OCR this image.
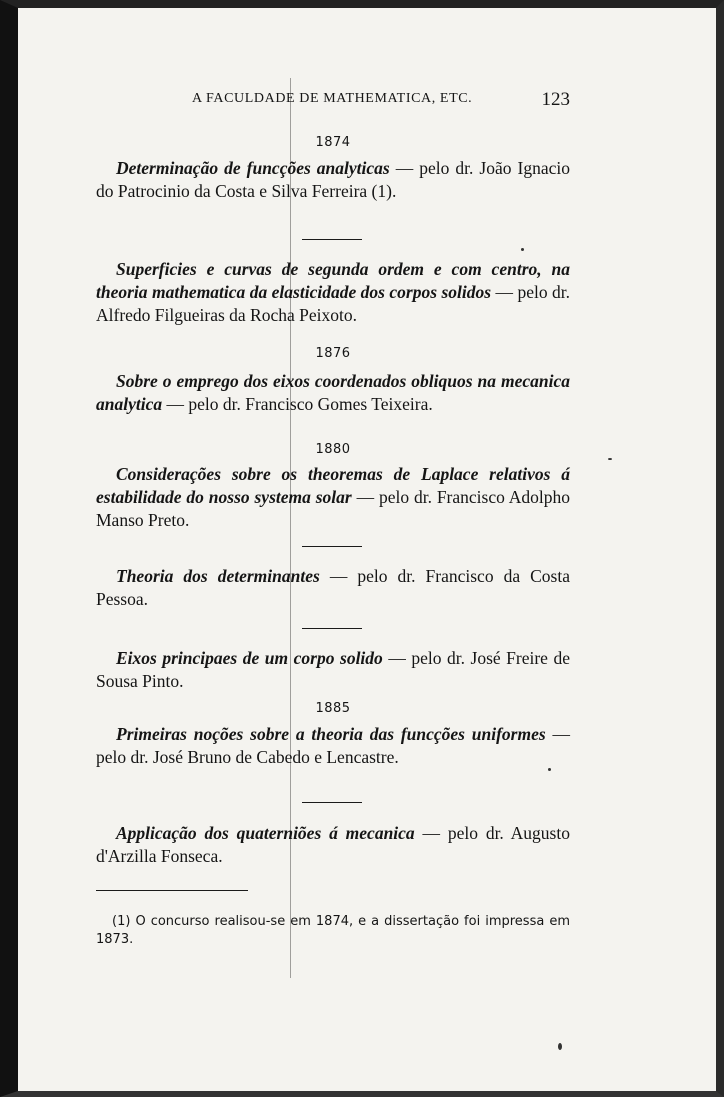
A FACULDADE DE MATHEMATICA, ETC.	123
1874

Determinação de funcções analyticas — pelo dr. João Ignacio do Patrocinio da Costa e Silva Ferreira (1).

Superficies e curvas de segunda ordem e com centro, na theoria mathematica da elasticidade dos corpos solidos — pelo dr. Alfredo Filgueiras da Rocha Peixoto.

1876

Sobre o emprego dos eixos coordenados obliquos na mecanica analytica — pelo dr. Francisco Gomes Teixeira.

1880

Considerações sobre os theoremas de Laplace relativos á estabilidade do nosso systema solar — pelo dr. Francisco Adolpho Manso Preto.

Theoria dos determinantes — pelo dr. Francisco da Costa Pessoa.

Eixos principaes de um corpo solido — pelo dr. José Freire de Sousa Pinto.

1885

Primeiras noções sobre a theoria das funcções uniformes — pelo dr. José Bruno de Cabedo e Lencastre.

Applicação dos quaterniões á mecanica — pelo dr. Augusto d'Arzilla Fonseca.

(1) O concurso realisou-se em 1874, e a dissertação foi impressa em 1873.
